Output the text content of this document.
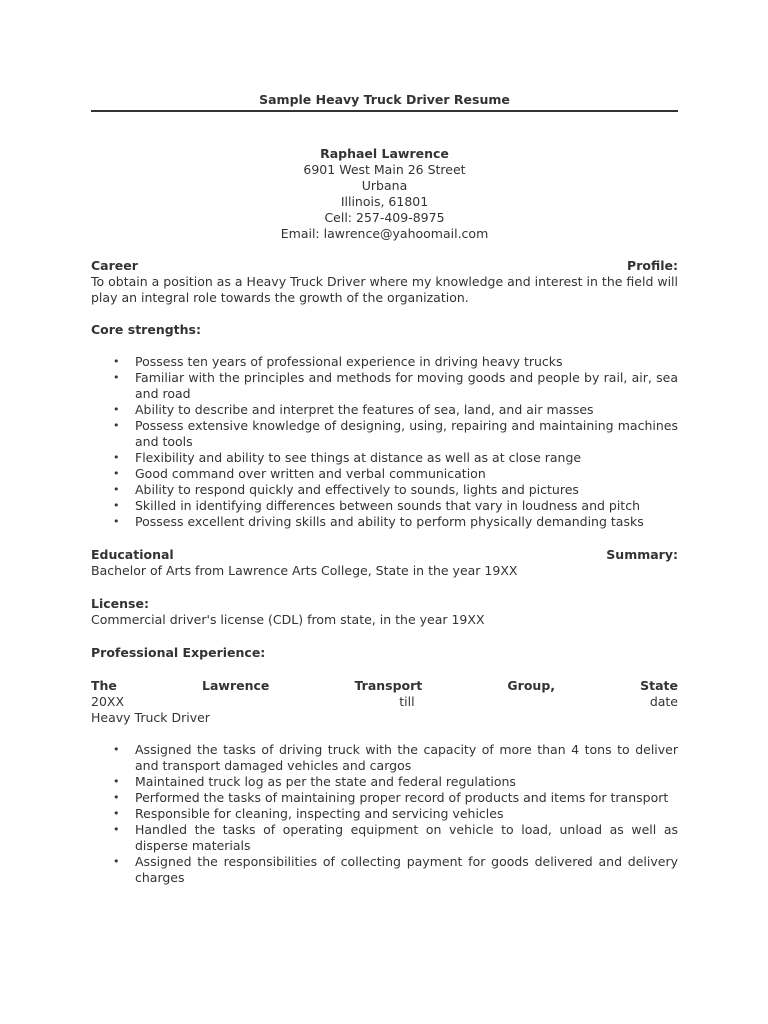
Sample Heavy Truck Driver Resume
Raphael Lawrence
6901 West Main 26 Street
Urbana
Illinois, 61801
Cell: 257-409-8975
Email: lawrence@yahoomail.com
Career	Profile:
To obtain a position as a Heavy Truck Driver where my knowledge and interest in the field will play an integral role towards the growth of the organization.
Core strengths:
• Possess ten years of professional experience in driving heavy trucks
• Familiar with the principles and methods for moving goods and people by rail, air, sea and road
• Ability to describe and interpret the features of sea, land, and air masses
• Possess extensive knowledge of designing, using, repairing and maintaining machines and tools
• Flexibility and ability to see things at distance as well as at close range
• Good command over written and verbal communication
• Ability to respond quickly and effectively to sounds, lights and pictures
• Skilled in identifying differences between sounds that vary in loudness and pitch
• Possess excellent driving skills and ability to perform physically demanding tasks
Educational	Summary:
Bachelor of Arts from Lawrence Arts College, State in the year 19XX
License:
Commercial driver's license (CDL) from state, in the year 19XX
Professional Experience:
The	Lawrence	Transport	Group,	State
20XX	till	date
Heavy Truck Driver
• Assigned the tasks of driving truck with the capacity of more than 4 tons to deliver and transport damaged vehicles and cargos
• Maintained truck log as per the state and federal regulations
• Performed the tasks of maintaining proper record of products and items for transport
• Responsible for cleaning, inspecting and servicing vehicles
• Handled the tasks of operating equipment on vehicle to load, unload as well as disperse materials
• Assigned the responsibilities of collecting payment for goods delivered and delivery charges
